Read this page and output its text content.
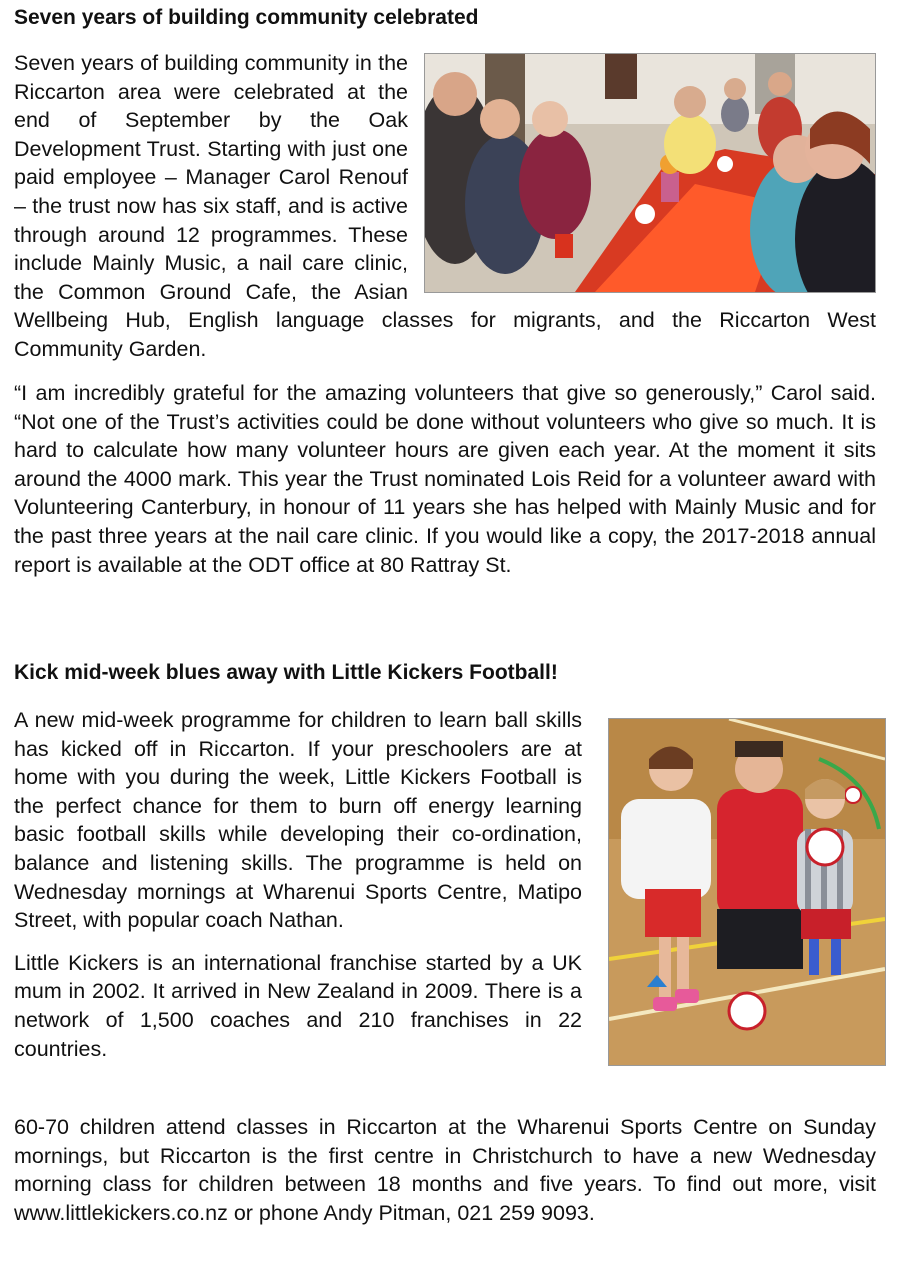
Seven years of building community celebrated

Seven years of building community in the Riccarton area were celebrated at the end of September by the Oak Development Trust. Starting with just one paid employee – Manager Carol Renouf – the trust now has six staff, and is active through around 12 programmes. These include Mainly Music, a nail care clinic, the Common Ground Cafe, the Asian Wellbeing Hub, English language classes for migrants, and the Riccarton West Community Garden.

“I am incredibly grateful for the amazing volunteers that give so generously,” Carol said. “Not one of the Trust’s activities could be done without volunteers who give so much. It is hard to calculate how many volunteer hours are given each year. At the moment it sits around the 4000 mark. This year the Trust nominated Lois Reid for a volunteer award with Volunteering Canterbury, in honour of 11 years she has helped with Mainly Music and for the past three years at the nail care clinic. If you would like a copy, the 2017-2018 annual report is available at the ODT office at 80 Rattray St.

Kick mid-week blues away with Little Kickers Football!

A new mid-week programme for children to learn ball skills has kicked off in Riccarton. If your preschoolers are at home with you during the week, Little Kickers Football is the perfect chance for them to burn off energy learning basic football skills while developing their co-ordination, balance and listening skills. The programme is held on Wednesday mornings at Wharenui Sports Centre, Matipo Street, with popular coach Nathan.

Little Kickers is an international franchise started by a UK mum in 2002. It arrived in New Zealand in 2009. There is a network of 1,500 coaches and 210 franchises in 22 countries.

60-70 children attend classes in Riccarton at the Wharenui Sports Centre on Sunday mornings, but Riccarton is the first centre in Christchurch to have a new Wednesday morning class for children between 18 months and five years. To find out more, visit www.littlekickers.co.nz or phone Andy Pitman, 021 259 9093.
